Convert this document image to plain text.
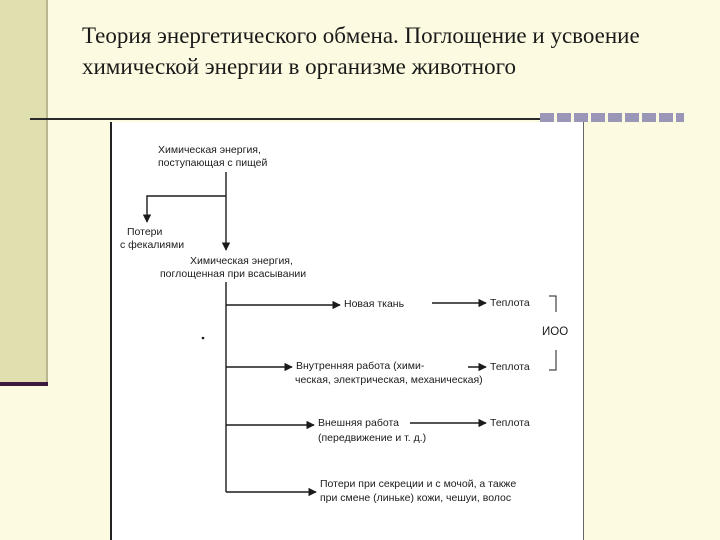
Теория энергетического обмена. Поглощение и усвоение химической энергии в организме животного
Химическая энергия,
поступающая с пищей
Потери
с фекалиями
Химическая энергия,
поглощенная при всасывании
Новая ткань
Внутренняя работа (хими-
ческая, электрическая, механическая)
Внешняя работа
(передвижение и т. д.)
Потери при секреции и с мочой, а также
при смене (линьке) кожи, чешуи, волос
Теплота
Теплота
Теплота
ИОО
